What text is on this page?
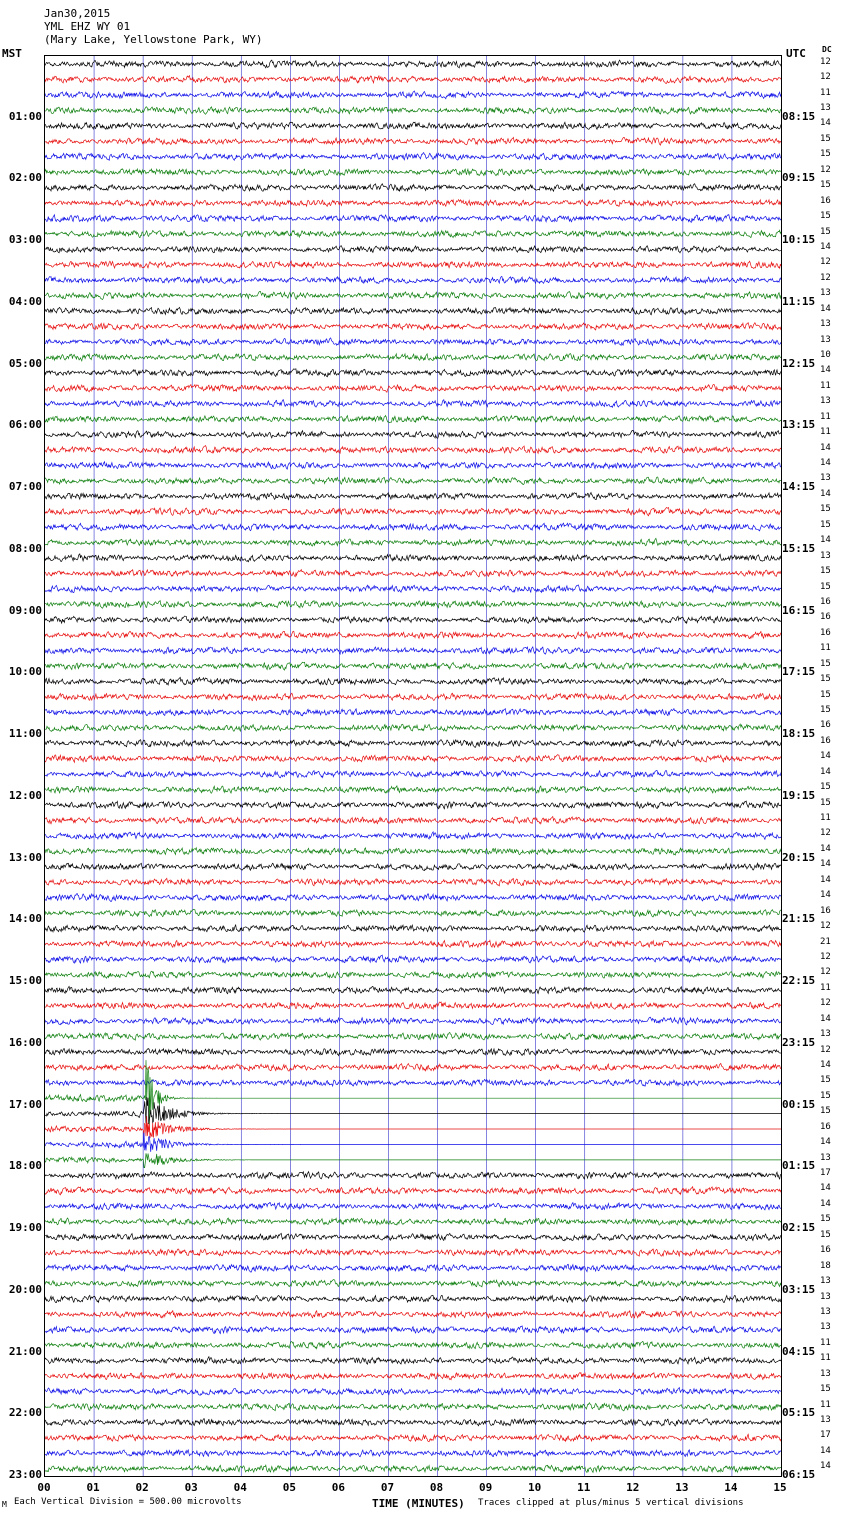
Jan30,2015
YML EHZ WY 01
(Mary Lake, Yellowstone Park, WY)
MST	UTC DC
01:00
02:00
03:00
04:00
05:00
06:00
07:00
08:00
09:00
10:00
11:00
12:00
13:00
14:00
15:00
16:00
17:00
18:00
19:00
20:00
21:00
22:00
23:00
08:15
09:15
10:15
11:15
12:15
13:15
14:15
15:15
16:15
17:15
18:15
19:15
20:15
21:15
22:15
23:15
00:15
01:15
02:15
03:15
04:15
05:15
06:15
12
12
11
13
14
15
15
12
15
16
15
15
14
12
12
13
14
13
13
10
14
11
13
11
11
14
14
13
14
15
15
14
13
15
15
16
16
16
11
15
15
15
15
16
16
14
14
15
15
11
12
14
14
14
14
16
12
21
12
12
11
12
14
13
12
14
15
15
15
16
14
13
17
14
14
15
15
16
18
13
13
13
13
11
11
13
15
11
13
17
14
14
00	01	02	03	04	05	06	07	08	09	10	11	12	13	14	15
TIME (MINUTES)
M Each Vertical Division = 500.00 microvolts	Traces clipped at plus/minus 5 vertical divisions
